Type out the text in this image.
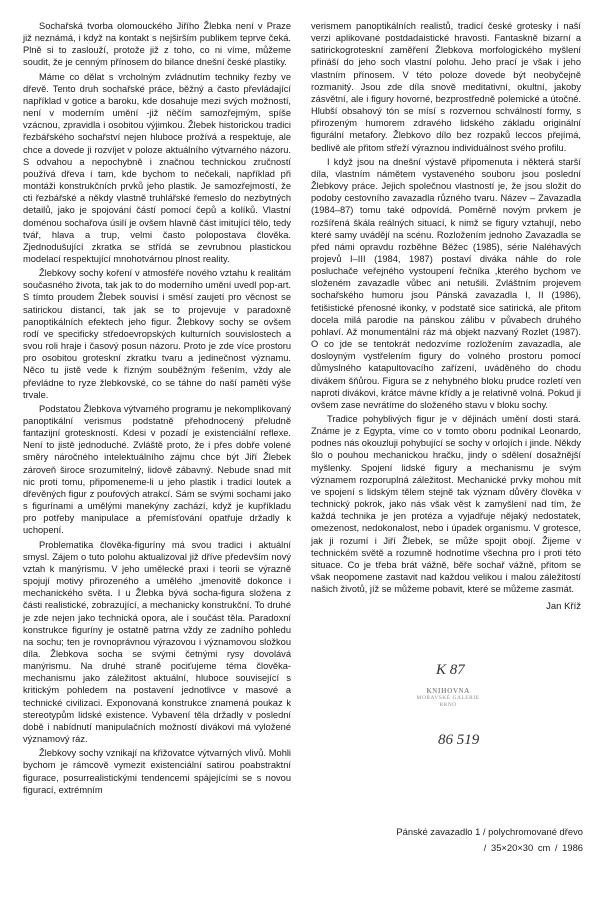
Sochařská tvorba olomouckého Jiřího Žlebka není v Praze již neznámá, i když na kontakt s nejširším publikem teprve čeká. Plně si to zaslouží, protože již z toho, co ni víme, můžeme soudit, že je cenným přínosem do bilance dnešní české plastiky.

Máme co dělat s vrcholným zvládnutím techniky řezby ve dřevě. Tento druh sochařské práce, běžný a často převládající například v gotice a baroku, kde dosahuje mezi svých možností, není v moderním umění -již něčím samozřejmým, spíše vzácnou, zpravidla i osobitou výjimkou. Žlebek historickou tradici řezbářského sochařství nejen hluboce prožívá a respektuje, ale chce a dovede ji rozvíjet v poloze aktuálního výtvarného názoru. S odvahou a nepochybně i značnou technickou zručností používá dřeva i tam, kde bychom to nečekali, například při montáži konstrukčních prvků jeho plastik. Je samozřejmostí, že cti řezbářské a někdy vlastně truhlářské řemeslo do nezbytných detailů, jako je spojování částí pomocí čepů a kolíků. Vlastní doménou sochařova úsilí je ovšem hlavně část imitující tělo, tedy tvář, hlava a trup, velmi často polopostava člověka. Zjednodušující zkratka se střídá se zevrubnou plastickou modelací respektující mnohotvárnou plnost reality.

Žlebkovy sochy koření v atmosféře nového vztahu k realitám současného života, tak jak to do moderního umění uvedl pop-art. S tímto proudem Žlebek souvisí i směsí zaujetí pro věcnost se satirickou distancí, tak jak se to projevuje v paradoxně panoptikálních efektech jeho figur. Žlebkovy sochy se ovšem rodí ve specificky středoevropských kulturních souvislostech a svou roli hraje i časový posun názoru. Proto je zde více prostoru pro osobitou groteskní zkratku tvaru a jedinečnost významu. Něco tu jistě vede k řízným souběžným řešením, vždy ale převládne to ryze žlebkovské, co se táhne do naší paměti výše trvale.

Podstatou Žlebkova výtvarného programu je nekomplikovaný panoptikální verismus podstatně přehodnocený přeludně fantazijní groteskností. Kdesi v pozadí je existenciální reflexe. Není to jistě jednoduché. Zvláště proto, že i přes dobře volené směry náročného intelektuálního zájmu chce být Jiří Žlebek zároveň široce srozumitelný, lidově zábavný. Nebude snad mít nic proti tomu, připomeneme-li u jeho plastik i tradici loutek a dřevěných figur z poufových atrakcí. Sám se svými sochami jako s figurínami a umělými manekýny zachází, když je kupříkladu pro potřeby manipulace a přemísťování opatřuje držadly k uchopení.

Problematika člověka-figuríny má svou tradici i aktuální smysl. Zájem o tuto polohu aktualizoval již dříve především nový vztah k manýrismu. V jeho umělecké praxi i teorii se výrazně spojují motivy přirozeného a umělého ,jmenovitě dokonce i mechanického světa. I u Žlebka bývá socha-figura složena z části realistické, zobrazující, a mechanicky konstrukční. To druhé je zde nejen jako technická opora, ale i součást těla. Paradoxní konstrukce figuríny je ostatně patrna vždy ze zadního pohledu na sochu; ten je rovnoprávnou výrazovou i významovou složkou díla. Žlebkova socha se svými četnými rysy dovolává manýrismu. Na druhé straně pociťujeme téma člověka-mechanismu jako záležitost aktuální, hluboce související s kritickým pohledem na postavení jednotlivce v masové a technické civilizaci. Exponovaná konstrukce znamená poukaz k stereotypům lidské existence. Vybavení těla držadly v poslední době i nabídnutí manipulačních možností divákovi má vyložené významový ráz.

Žlebkovy sochy vznikají na křižovatce výtvarných vlivů. Mohli bychom je rámcově vymezit existenciální satirou poabstraktní figurace, posurrealistickými tendencemi spájejícími se s novou figurací, extrémním

verismem panoptikálních realistů, tradicí české grotesky i naší verzi aplikované postdadaistické hravosti. Fantaskně bizarní a satirickogroteskní zaměření Žlebkova morfologického myšlení přináší do jeho soch vlastní polohu. Jeho prací je však i jeho vlastním přínosem. V této poloze dovede být neobyčejně rozmanitý. Jsou zde díla snově meditativní, okultní, jakoby zásvětní, ale i figury hovorné, bezprostředně polemické a útočné. Hlubší obsahový tón se mísí s rozvernou schválností formy, s přirozeným humorem zdravého lidského základu originální figurální metafory. Žlebkovo dílo bez rozpaků leccos přejímá, bedlivě ale přitom střeží výraznou individuálnost svého profilu.

I když jsou na dnešní výstavě připomenuta i některá starší díla, vlastním námětem vystaveného souboru jsou poslední Žlebkovy práce. Jejich společnou vlastností je, že jsou složit do podoby cestovního zavazadla různého tvaru. Název – Zavazadla (1984–87) tomu také odpovídá. Poměrně novým prvkem je rozšířená škála reálných situací, k nimž se figury vztahují, nebo které samy uvádějí na scénu. Rozložením jednoho Zavazadla se před námi opravdu rozběhne Běžec (1985), série Naléhavých projevů I–III (1984, 1987) postaví diváka náhle do role posluchače veřejného vystoupení řečníka ,kterého bychom ve složeném zavazadle vůbec ani netušili. Zvláštním projevem sochařského humoru jsou Pánská zavazadla I, II (1986), fetišistické přenosné ikonky, v podstatě sice satirická, ale přitom docela milá parodie na pánskou zálibu v půvabech druhého pohlaví. Až monumentální ráz má objekt nazvaný Rozlet (1987). O co jde se tentokrát nedozvíme rozložením zavazadla, ale dosloyným vystřelením figury do volného prostoru pomocí důmyslného katapultovacího zařízení, uváděného do chodu divákem šňůrou. Figura se z nehybného bloku prudce rozletí ven naproti divákovi, krátce mávne křídly a je relativně volná. Pokud ji ovšem zase nevrátíme do složeného stavu v bloku sochy.

Tradice pohyblivých figur je v dějinách umění dosti stará. Známe je z Egypta, víme co v tomto oboru podnikal Leonardo, podnes nás okouzluji pohybující se sochy v orlojích i jinde. Někdy šlo o pouhou mechanickou hračku, jindy o sdělení dosažnější myšlenky. Spojení lidské figury a mechanismu je svým významem rozporuplná záležitost. Mechanické prvky mohou mít ve spojení s lidským tělem stejně tak význam důvěry člověka v technický pokrok, jako nás však věst k zamyšlení nad tím, že každá technika je jen protéza a vyjadřuje nějaký nedostatek, omezenost, nedokonalost, nebo i úpadek organismu. V grotesce, jak ji rozumí i Jiří Žlebek, se může spojit obojí. Žijeme v technickém světě a rozumně hodnotíme všechna pro i proti této situace. Co je třeba brát vážně, běře sochař vážně, přitom se však neopomene zastavit nad každou velikou i malou záležitostí našich životů, jíž se můžeme pobavit, které se můžeme zasmát.

Jan Kříž
K 87
KNIHOVNA
MORAVSKÉ GALERIE
BRNO
86 519
Pánské zavazadlo 1 / polychromované dřevo
/ 35×20×30 cm / 1986
